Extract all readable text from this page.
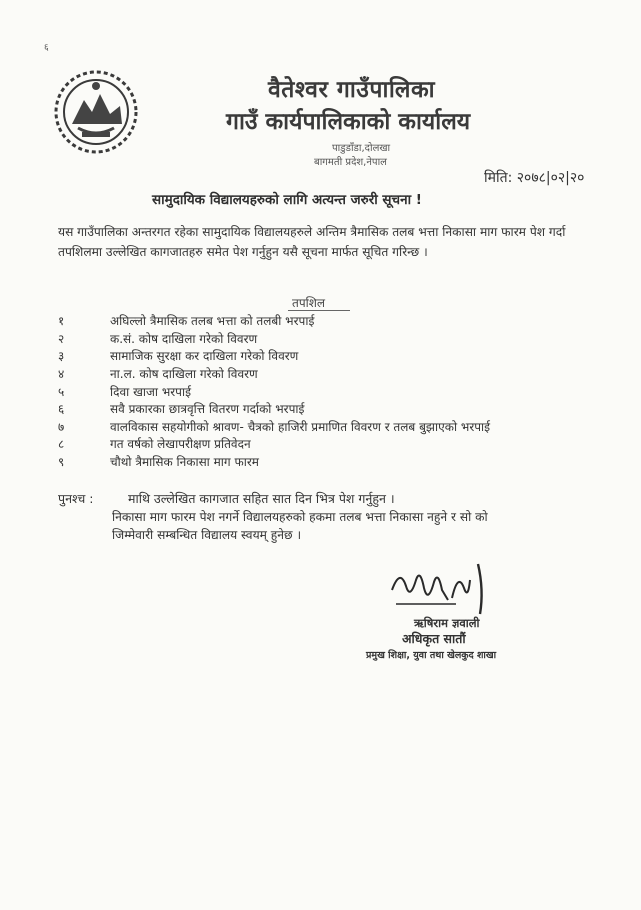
६
वैतेश्वर गाउँपालिका
गाउँ कार्यपालिकाको कार्यालय
पाडुडाँडा,दोलखा
बागमती प्रदेश,नेपाल
मिति: २०७८|०२|२०
सामुदायिक विद्यालयहरुको लागि अत्यन्त जरुरी सूचना !
यस गाउँपालिका अन्तरगत रहेका सामुदायिक विद्यालयहरुले अन्तिम त्रैमासिक तलब भत्ता निकासा माग फारम पेश गर्दा तपशिलमा उल्लेखित कागजातहरु समेत पेश गर्नुहुन यसै सूचना मार्फत सूचित गरिन्छ ।
तपशिल
१	अघिल्लो त्रैमासिक तलब भत्ता को तलबी भरपाई
२	क.सं. कोष दाखिला गरेको विवरण
३	सामाजिक सुरक्षा कर दाखिला गरेको विवरण
४	ना.ल. कोष दाखिला गरेको विवरण
५	दिवा खाजा भरपाई
६	सवै प्रकारका छात्रवृत्ति वितरण गर्दाको भरपाई
७	वालविकास सहयोगीको श्रावण- चैत्रको हाजिरी प्रमाणित विवरण र तलब बुझाएको भरपाई
८	गत वर्षको लेखापरीक्षण प्रतिवेदन
९	चौथो त्रैमासिक निकासा माग फारम
पुनश्च :	माथि उल्लेखित कागजात सहित सात दिन भित्र पेश गर्नुहुन ।
निकासा माग फारम पेश नगर्ने विद्यालयहरुको हकमा तलब भत्ता निकासा नहुने र सो को
जिम्मेवारी सम्बन्धित विद्यालय स्वयम् हुनेछ ।
ऋषिराम ज्ञवाली
अधिकृत सातौं
प्रमुख शिक्षा, युवा तथा खेलकुद शाखा
